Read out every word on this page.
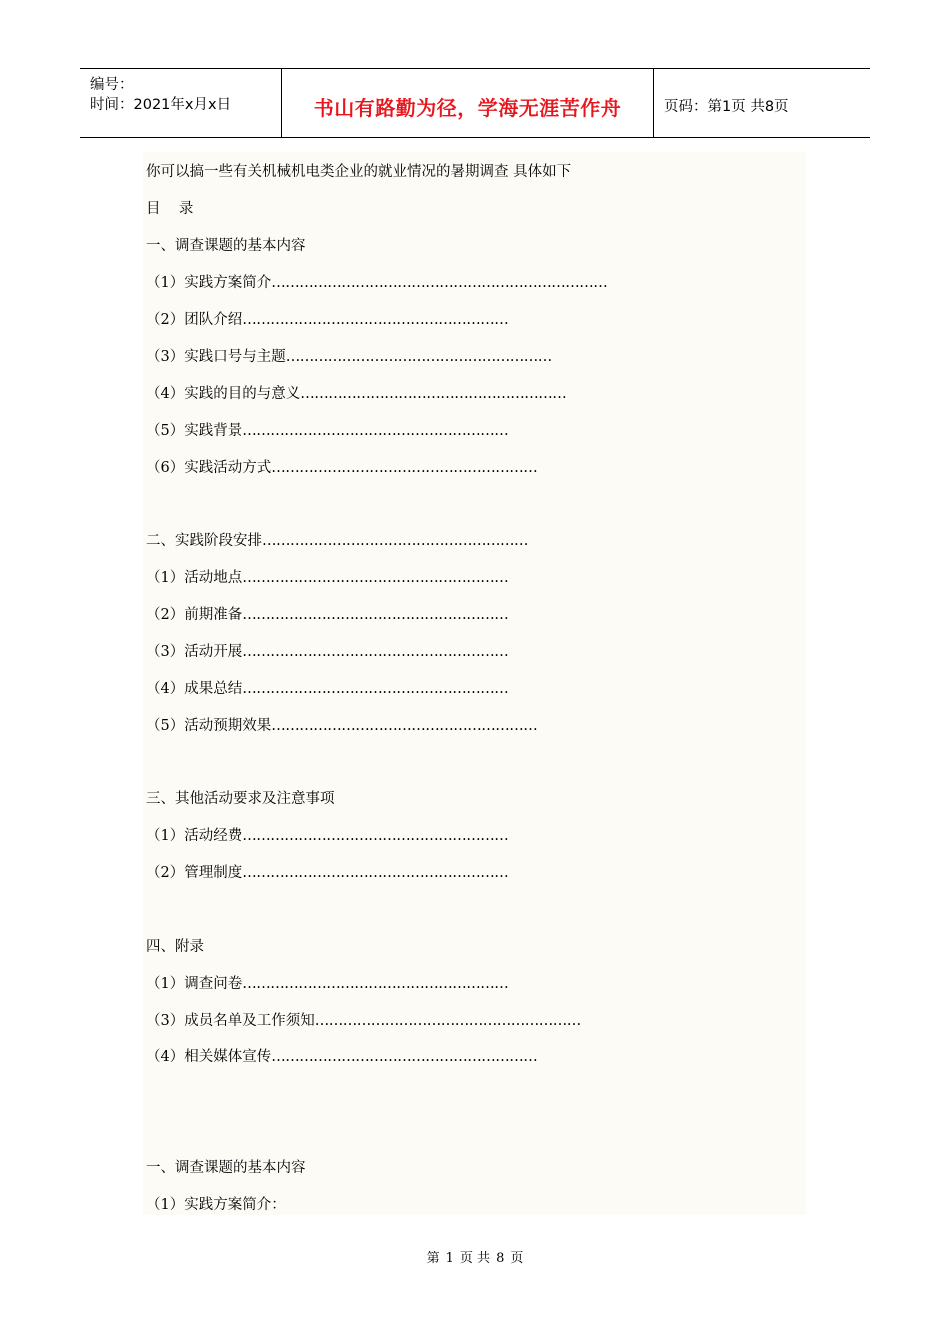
编号：
时间：2021年x月x日	书山有路勤为径，学海无涯苦作舟	页码：第1页 共8页
你可以搞一些有关机械机电类企业的就业情况的暑期调查 具体如下
目    录
一、调查课题的基本内容
（1）实践方案简介………………………………………………………………
（2）团队介绍…………………………………………………
（3）实践口号与主题…………………………………………………
（4）实践的目的与意义…………………………………………………
（5）实践背景…………………………………………………
（6）实践活动方式…………………………………………………
二、实践阶段安排…………………………………………………
（1）活动地点…………………………………………………
（2）前期准备…………………………………………………
（3）活动开展…………………………………………………
（4）成果总结…………………………………………………
（5）活动预期效果…………………………………………………
三、其他活动要求及注意事项
（1）活动经费…………………………………………………
（2）管理制度…………………………………………………
四、附录
（1）调查问卷…………………………………………………
（3）成员名单及工作须知…………………………………………………
（4）相关媒体宣传…………………………………………………
一、调查课题的基本内容
（1）实践方案简介：
第 1 页 共 8 页
